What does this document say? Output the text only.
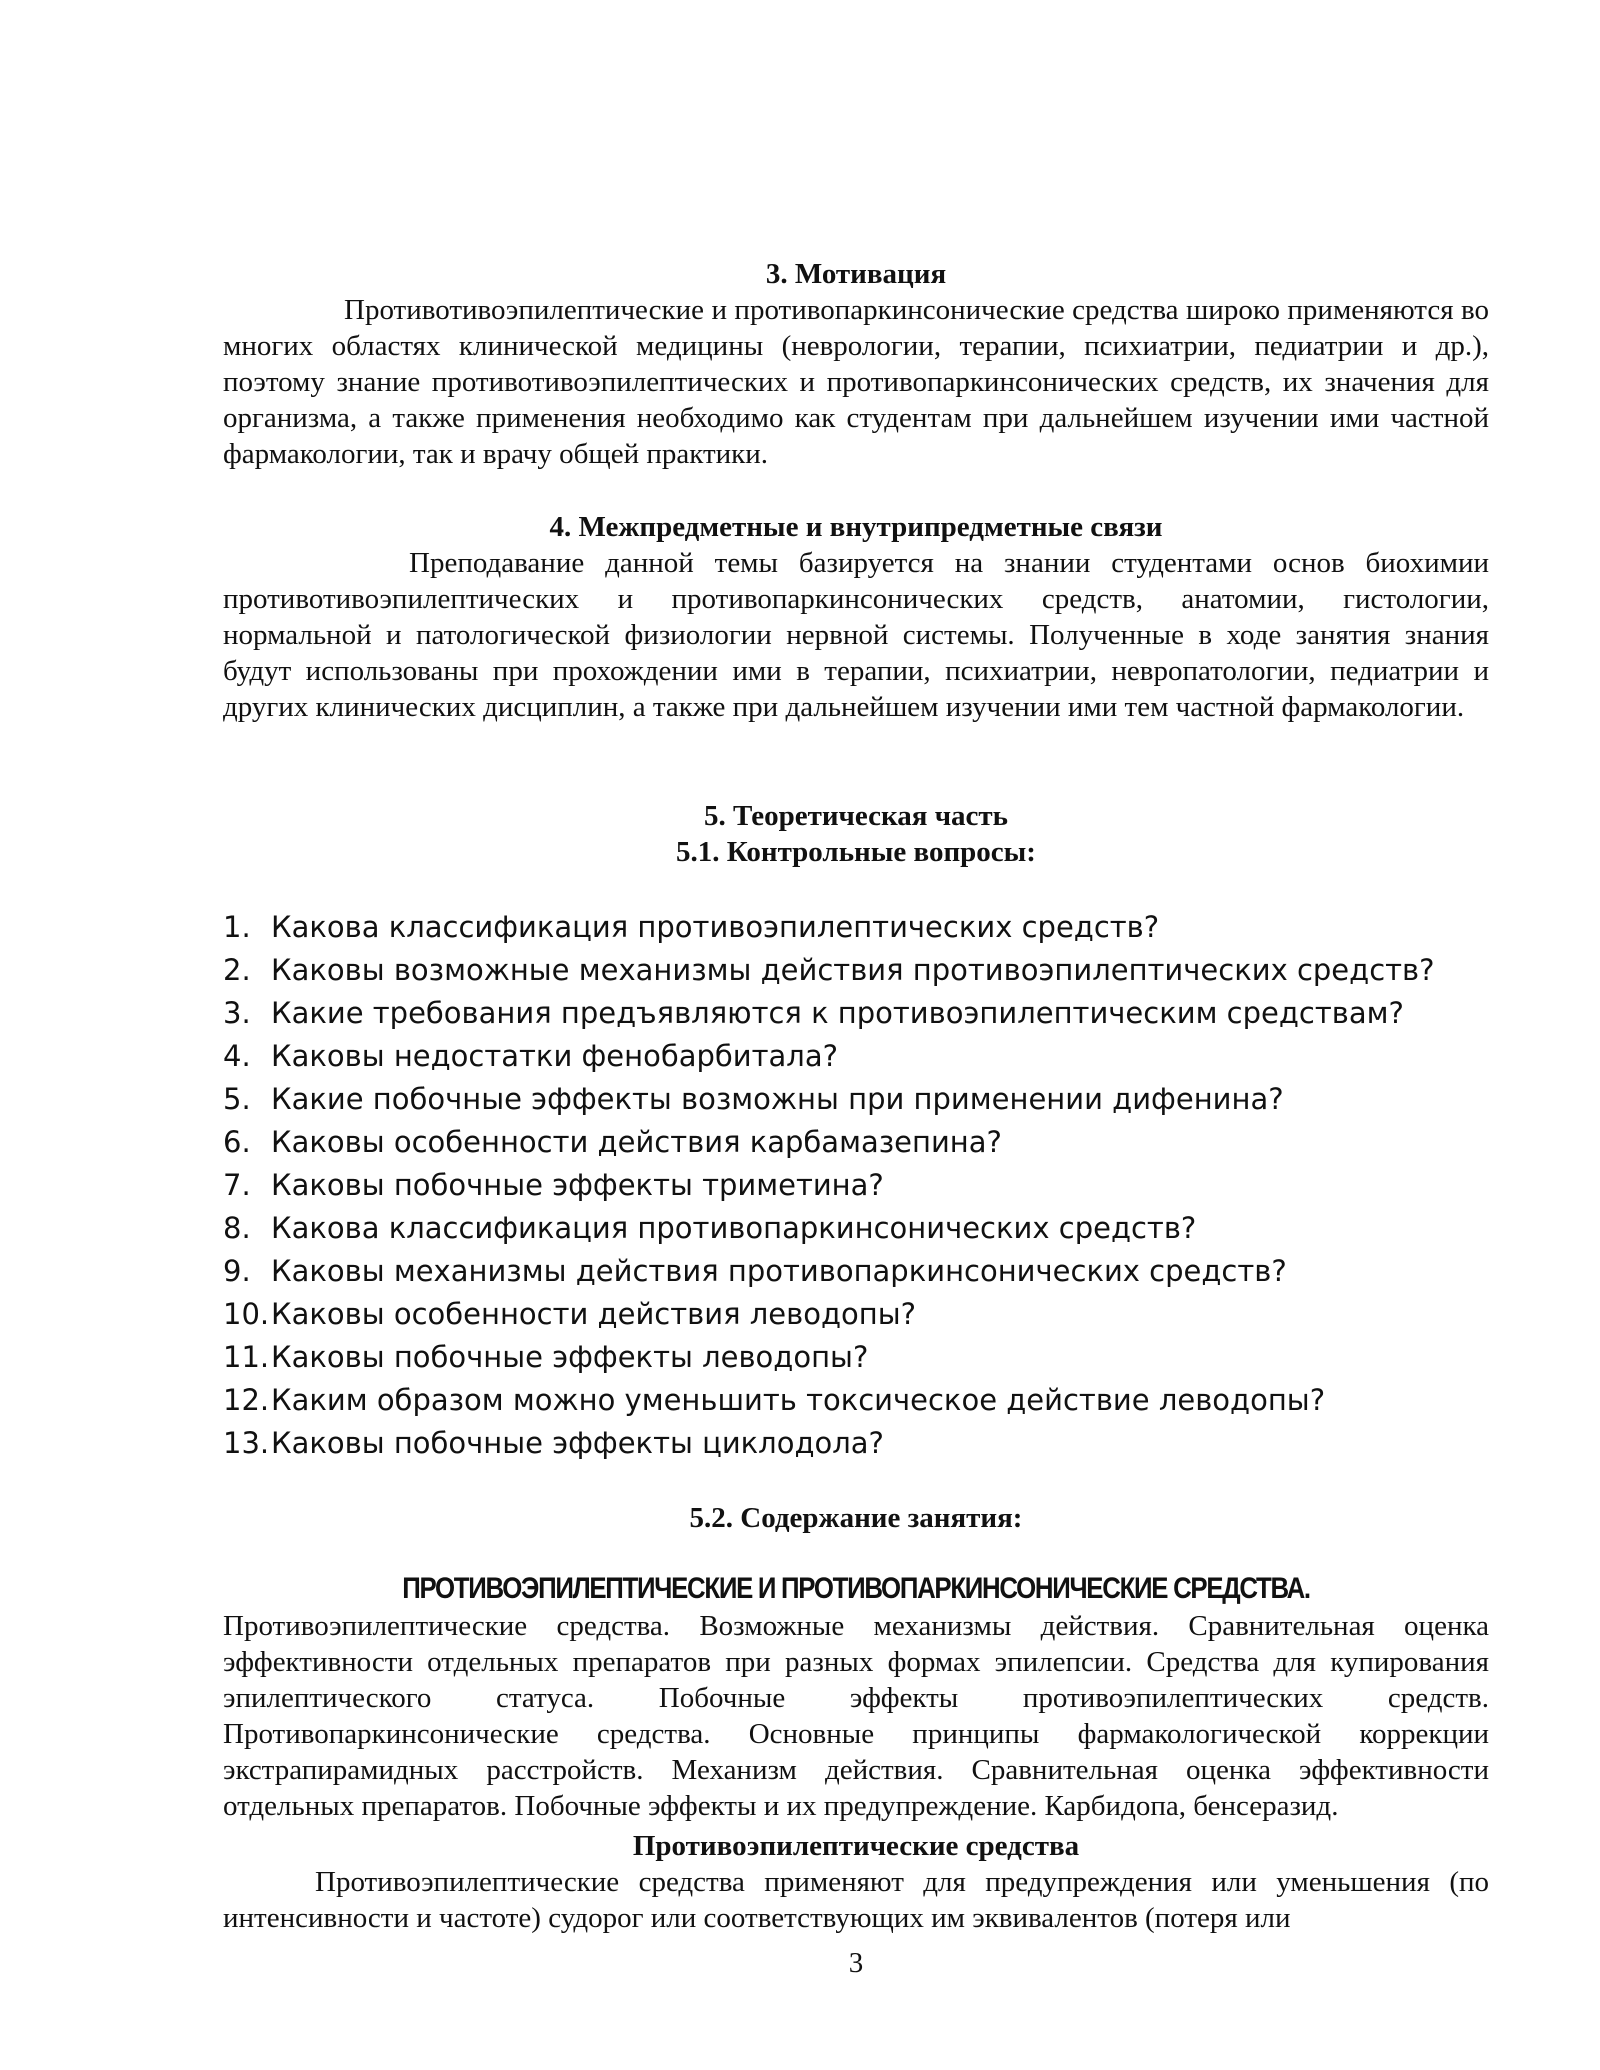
3. Мотивация

Противотивоэпилептические и противопаркинсонические средства широко применяются во многих областях клинической медицины (неврологии, терапии, психиатрии, педиатрии и др.), поэтому знание противотивоэпилептических и противопаркинсонических средств, их значения для организма, а также применения необходимо как студентам при дальнейшем изучении ими частной фармакологии, так и врачу общей практики.

4. Межпредметные и внутрипредметные связи

Преподавание данной темы базируется на знании студентами основ биохимии противотивоэпилептических и противопаркинсонических средств, анатомии, гистологии, нормальной и патологической физиологии нервной системы. Полученные в ходе занятия знания будут использованы при прохождении ими в терапии, психиатрии, невропатологии, педиатрии и других клинических дисциплин, а также при дальнейшем изучении ими тем частной фармакологии.

5. Теоретическая часть

5.1. Контрольные вопросы:

1. Какова классификация противоэпилептических средств?
2. Каковы возможные механизмы действия противоэпилептических средств?
3. Какие требования предъявляются к противоэпилептическим средствам?
4. Каковы недостатки фенобарбитала?
5. Какие побочные эффекты возможны при применении дифенина?
6. Каковы особенности действия карбамазепина?
7. Каковы побочные эффекты триметина?
8. Какова классификация противопаркинсонических средств?
9. Каковы механизмы действия противопаркинсонических средств?
10. Каковы особенности действия леводопы?
11. Каковы побочные эффекты леводопы?
12. Каким образом можно уменьшить токсическое действие леводопы?
13. Каковы побочные эффекты циклодола?

5.2. Содержание занятия:

ПРОТИВОЭПИЛЕПТИЧЕСКИЕ И ПРОТИВОПАРКИНСОНИЧЕСКИЕ СРЕДСТВА.

Противоэпилептические средства. Возможные механизмы действия. Сравнительная оценка эффективности отдельных препаратов при разных формах эпилепсии. Средства для купирования эпилептического статуса. Побочные эффекты противоэпилептических средств. Противопаркинсонические средства. Основные принципы фармакологической коррекции экстрапирамидных расстройств. Механизм действия. Сравнительная оценка эффективности отдельных препаратов. Побочные эффекты и их предупреждение. Карбидопа, бенсеразид.

Противоэпилептические средства

Противоэпилептические средства применяют для предупреждения или уменьшения (по интенсивности и частоте) судорог или соответствующих им эквивалентов (потеря или

3
